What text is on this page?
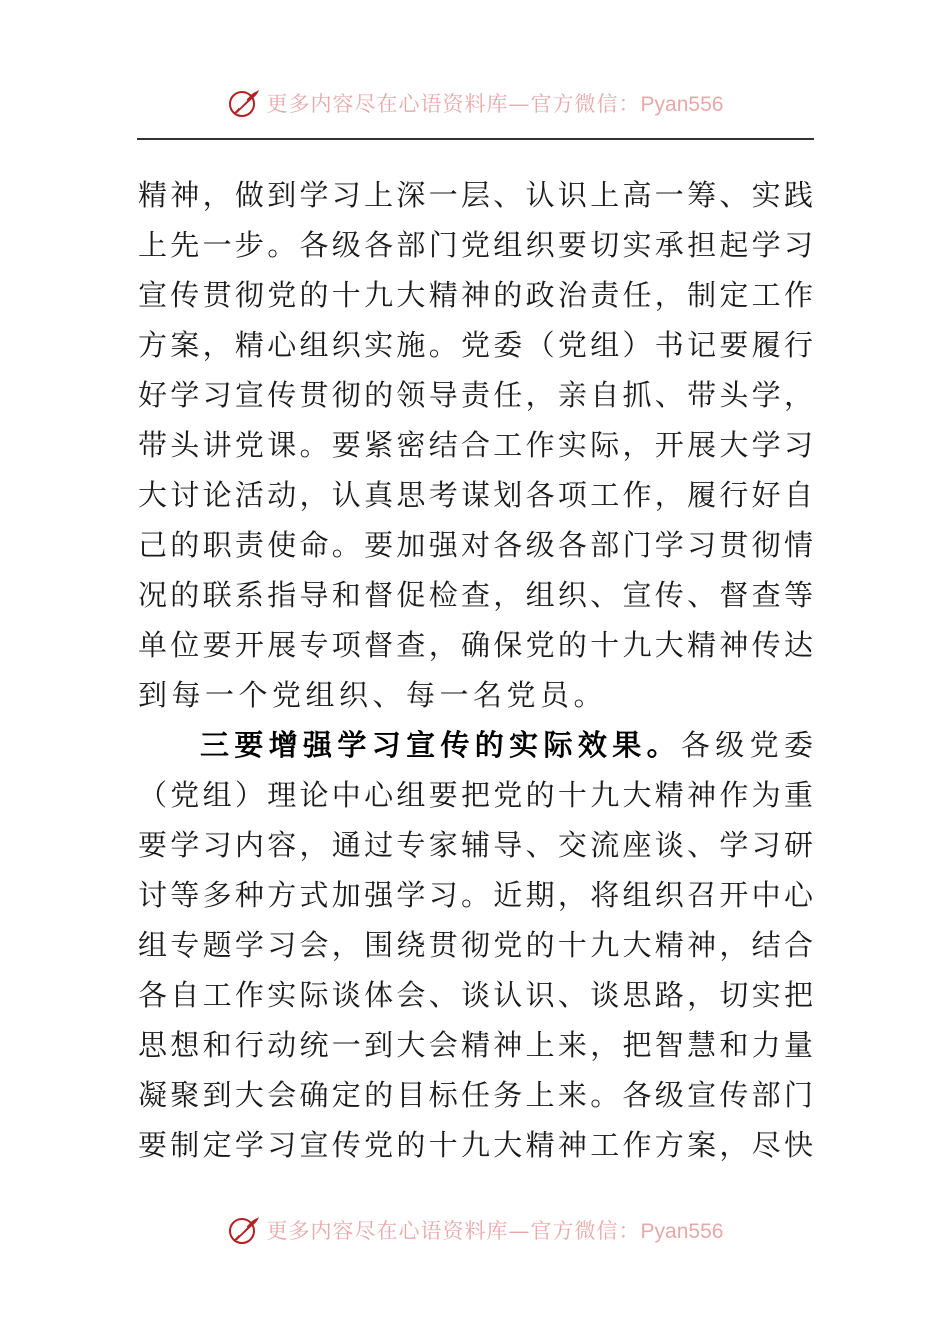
更多内容尽在心语资料库—官方微信：Pyan556
精神，做到学习上深一层、认识上高一筹、实践
上先一步。各级各部门党组织要切实承担起学习
宣传贯彻党的十九大精神的政治责任，制定工作
方案，精心组织实施。党委（党组）书记要履行
好学习宣传贯彻的领导责任，亲自抓、带头学，
带头讲党课。要紧密结合工作实际，开展大学习
大讨论活动，认真思考谋划各项工作，履行好自
己的职责使命。要加强对各级各部门学习贯彻情
况的联系指导和督促检查，组织、宣传、督查等
单位要开展专项督查，确保党的十九大精神传达
到每一个党组织、每一名党员。
三要增强学习宣传的实际效果。各级党委
（党组）理论中心组要把党的十九大精神作为重
要学习内容，通过专家辅导、交流座谈、学习研
讨等多种方式加强学习。近期，将组织召开中心
组专题学习会，围绕贯彻党的十九大精神，结合
各自工作实际谈体会、谈认识、谈思路，切实把
思想和行动统一到大会精神上来，把智慧和力量
凝聚到大会确定的目标任务上来。各级宣传部门
要制定学习宣传党的十九大精神工作方案，尽快
更多内容尽在心语资料库—官方微信：Pyan556
